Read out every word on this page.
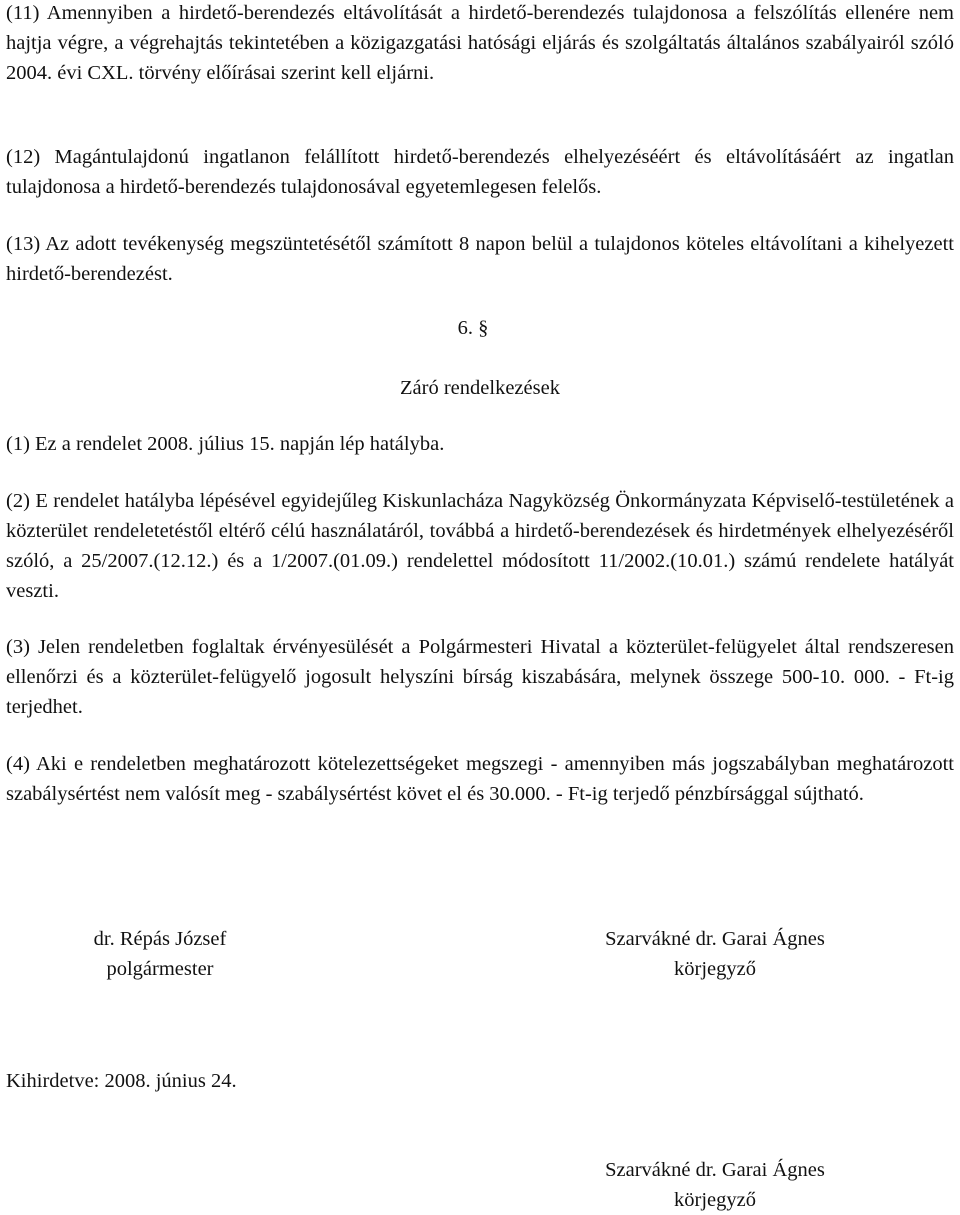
(11) Amennyiben a hirdető-berendezés eltávolítását a hirdető-berendezés tulajdonosa a felszólítás ellenére nem hajtja végre, a végrehajtás tekintetében a közigazgatási hatósági eljárás és szolgáltatás általános szabályairól szóló 2004. évi CXL. törvény előírásai szerint kell eljárni.

(12) Magántulajdonú ingatlanon felállított hirdető-berendezés elhelyezéséért és eltávolításáért az ingatlan tulajdonosa a hirdető-berendezés tulajdonosával egyetemlegesen felelős.

(13) Az adott tevékenység megszüntetésétől számított 8 napon belül a tulajdonos köteles eltávolítani a kihelyezett hirdető-berendezést.

6. §
Záró rendelkezések

(1) Ez a rendelet 2008. július 15. napján lép hatályba.

(2) E rendelet hatályba lépésével egyidejűleg Kiskunlacháza Nagyközség Önkormányzata Képviselő-testületének a közterület rendeletetéstől eltérő célú használatáról, továbbá a hirdető-berendezések és hirdetmények elhelyezéséről szóló, a 25/2007.(12.12.) és a 1/2007.(01.09.) rendelettel módosított 11/2002.(10.01.) számú rendelete hatályát veszti.

(3) Jelen rendeletben foglaltak érvényesülését a Polgármesteri Hivatal a közterület-felügyelet által rendszeresen ellenőrzi és a közterület-felügyelő jogosult helyszíni bírság kiszabására, melynek összege 500-10. 000. - Ft-ig terjedhet.

(4) Aki e rendeletben meghatározott kötelezettségeket megszegi - amennyiben más jogszabályban meghatározott szabálysértést nem valósít meg - szabálysértést követ el és 30.000. - Ft-ig terjedő pénzbírsággal sújtható.

dr. Répás József
polgármester
Szarvákné dr. Garai Ágnes
körjegyző
Kihirdetve: 2008. június 24.
Szarvákné dr. Garai Ágnes
körjegyző
